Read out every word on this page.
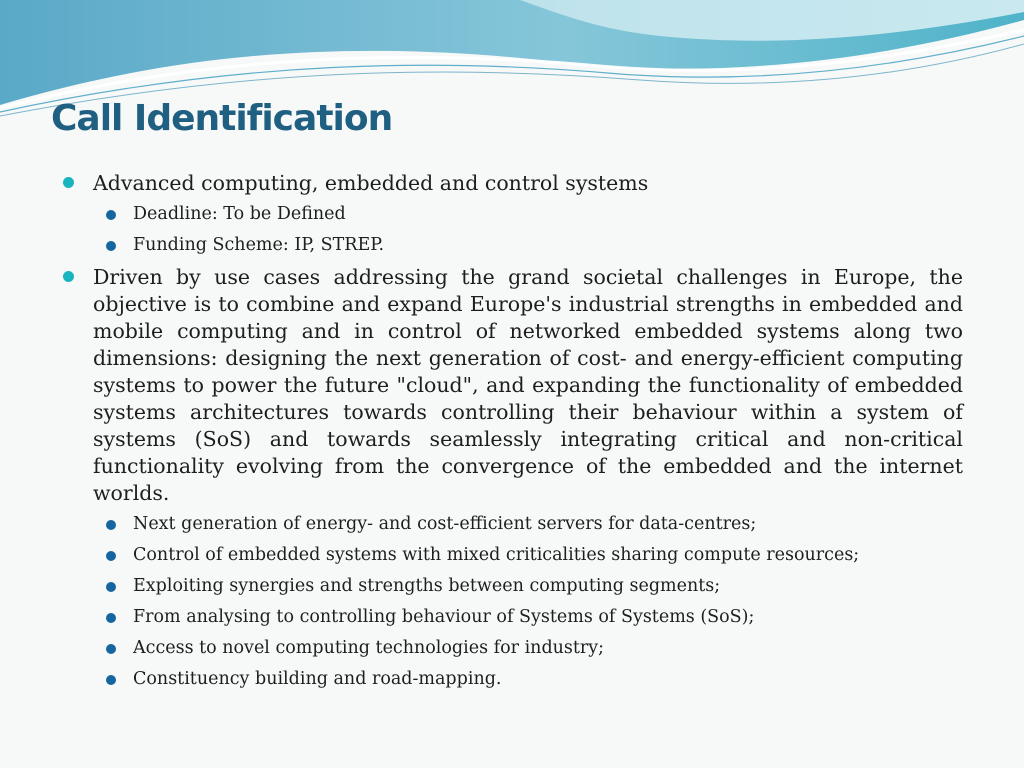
Call Identification
Advanced computing, embedded and control systems
Deadline: To be Defined
Funding Scheme: IP, STREP.
Driven by use cases addressing the grand societal challenges in Europe, the objective is to combine and expand Europe's industrial strengths in embedded and mobile computing and in control of networked embedded systems along two dimensions: designing the next generation of cost- and energy-efficient computing systems to power the future "cloud", and expanding the functionality of embedded systems architectures towards controlling their behaviour within a system of systems (SoS) and towards seamlessly integrating critical and non-critical functionality evolving from the convergence of the embedded and the internet worlds.
Next generation of energy- and cost-efficient servers for data-centres;
Control of embedded systems with mixed criticalities sharing compute resources;
Exploiting synergies and strengths between computing segments;
From analysing to controlling behaviour of Systems of Systems (SoS);
Access to novel computing technologies for industry;
Constituency building and road-mapping.
